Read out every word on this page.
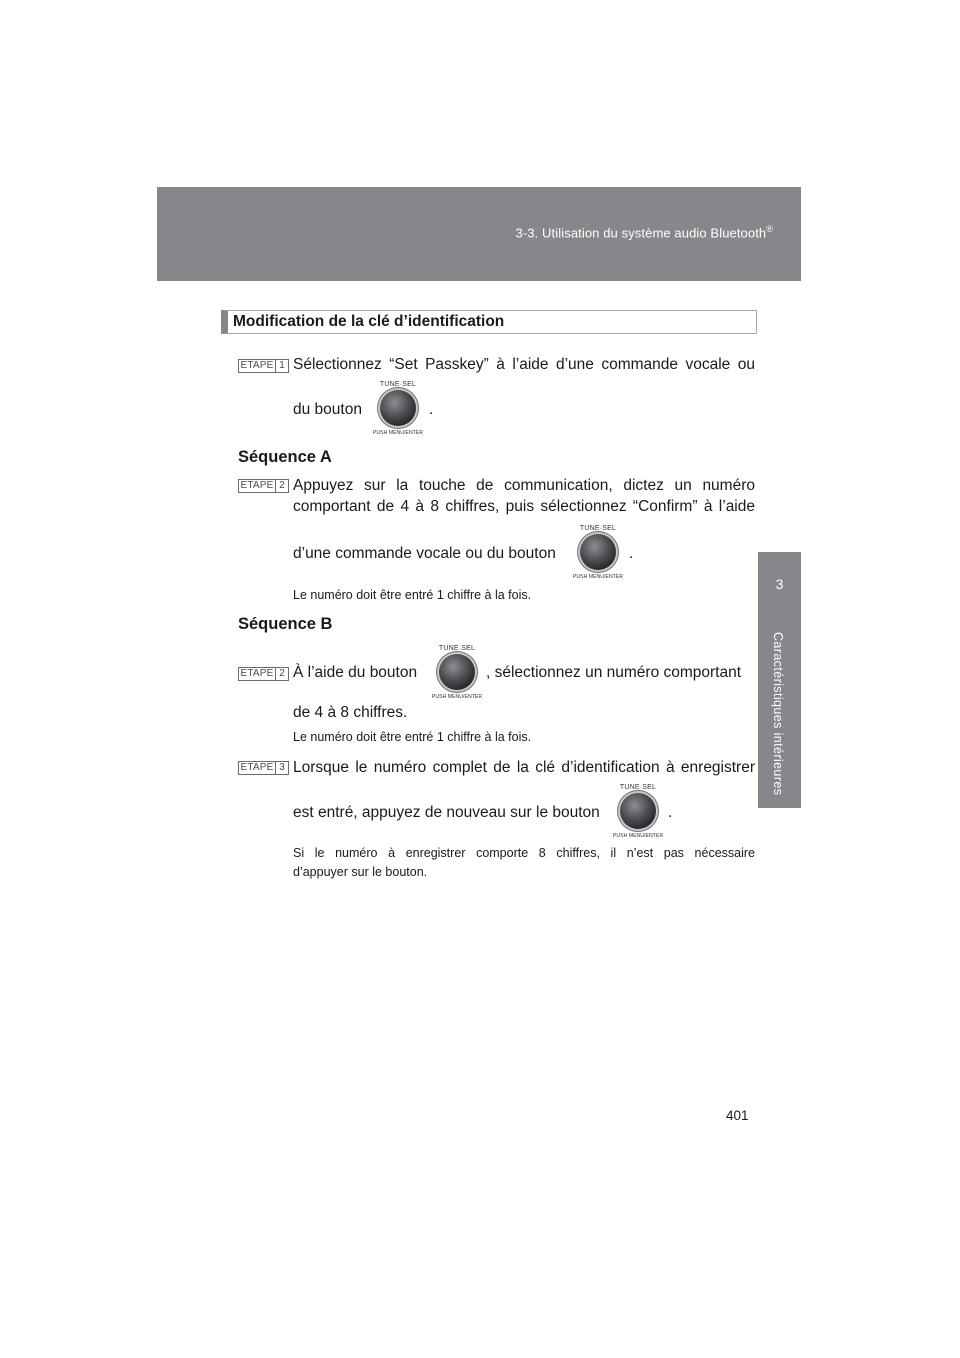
3-3. Utilisation du système audio Bluetooth®
3
Caractéristiques intérieures
Modification de la clé d’identification
ETAPE 1 Sélectionnez “Set Passkey” à l’aide d’une commande vocale ou
du bouton
TUNE·SEL
PUSH MENU/ENTER
.
Séquence A
ETAPE 2 Appuyez sur la touche de communication, dictez un numéro
comportant de 4 à 8 chiffres, puis sélectionnez “Confirm” à l’aide
d’une commande vocale ou du bouton
TUNE·SEL
PUSH MENU/ENTER
.
Le numéro doit être entré 1 chiffre à la fois.
Séquence B
ETAPE 2 À l’aide du bouton
TUNE·SEL
PUSH MENU/ENTER
, sélectionnez un numéro comportant
de 4 à 8 chiffres.
Le numéro doit être entré 1 chiffre à la fois.
ETAPE 3 Lorsque le numéro complet de la clé d’identification à enregistrer
est entré, appuyez de nouveau sur le bouton
TUNE·SEL
PUSH MENU/ENTER
.
Si le numéro à enregistrer comporte 8 chiffres, il n’est pas nécessaire
d’appuyer sur le bouton.
401
